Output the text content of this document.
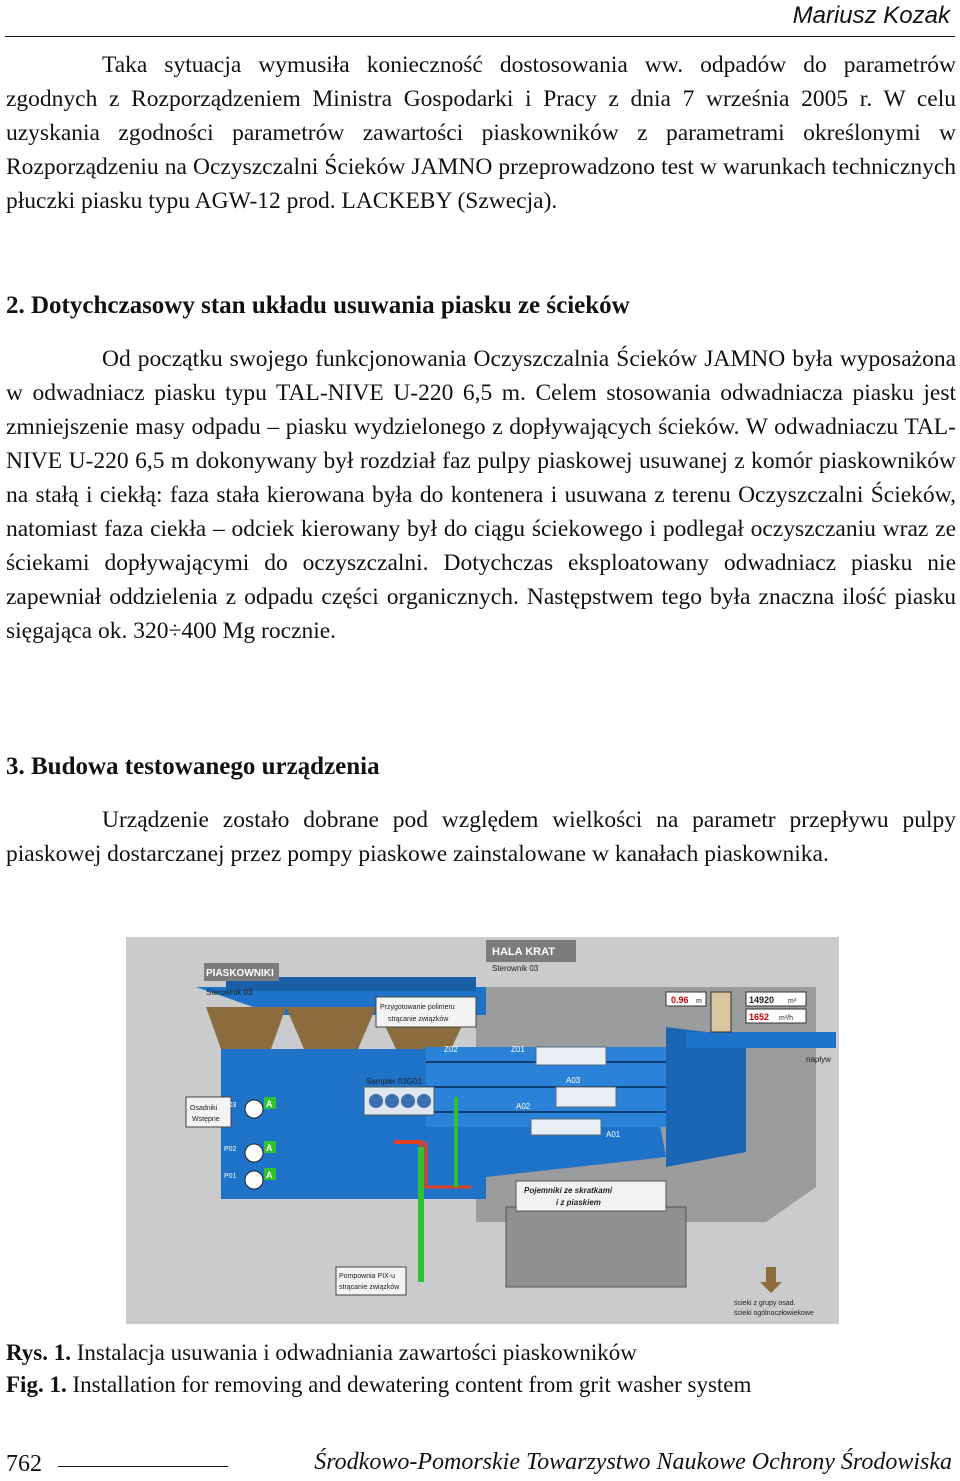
Mariusz Kozak

Taka sytuacja wymusiła konieczność dostosowania ww. odpadów do parametrów zgodnych z Rozporządzeniem Ministra Gospodarki i Pracy z dnia 7 września 2005 r. W celu uzyskania zgodności parametrów zawartości piaskowników z parametrami określonymi w Rozporządzeniu na Oczyszczalni Ścieków JAMNO przeprowadzono test w warunkach technicznych płuczki piasku typu AGW-12 prod. LACKEBY (Szwecja).

2. Dotychczasowy stan układu usuwania piasku ze ścieków

Od początku swojego funkcjonowania Oczyszczalnia Ścieków JAMNO była wyposażona w odwadniacz piasku typu TAL-NIVE U-220 6,5 m. Celem stosowania odwadniacza piasku jest zmniejszenie masy odpadu – piasku wydzielonego z dopływających ścieków. W odwadniaczu TAL-NIVE U-220 6,5 m dokonywany był rozdział faz pulpy piaskowej usuwanej z komór piaskowników na stałą i ciekłą: faza stała kierowana była do kontenera i usuwana z terenu Oczyszczalni Ścieków, natomiast faza ciekła – odciek kierowany był do ciągu ściekowego i podlegał oczyszczaniu wraz ze ściekami dopływającymi do oczyszczalni. Dotychczas eksploatowany odwadniacz piasku nie zapewniał oddzielenia z odpadu części organicznych. Następstwem tego była znaczna ilość piasku sięgająca ok. 320÷400 Mg rocznie.

3. Budowa testowanego urządzenia

Urządzenie zostało dobrane pod względem wielkości na parametr przepływu pulpy piaskowej dostarczanej przez pompy piaskowe zainstalowane w kanałach piaskownika.

A
A
A
HALA KRAT
Sterownik 03
PIASKOWNIKI
Sterownik 03
Przygotowanie polimeru
strącanie związków
0.96 m	14920 m³
1652 m³/h
Z02	Z01
Sampler 03G01
Osadniki
Wstępne
P03
P02
P01
A03
A02
A01
napływ
Pojemniki ze skratkami
i z piaskiem
Pompownia PIX-u
strącanie związków
ścieki z grupy osad.
ścieki ogólnoczłowiekowe
Rys. 1. Instalacja usuwania i odwadniania zawartości piaskowników
Fig. 1. Installation for removing and dewatering content from grit washer system
762	Środkowo-Pomorskie Towarzystwo Naukowe Ochrony Środowiska
